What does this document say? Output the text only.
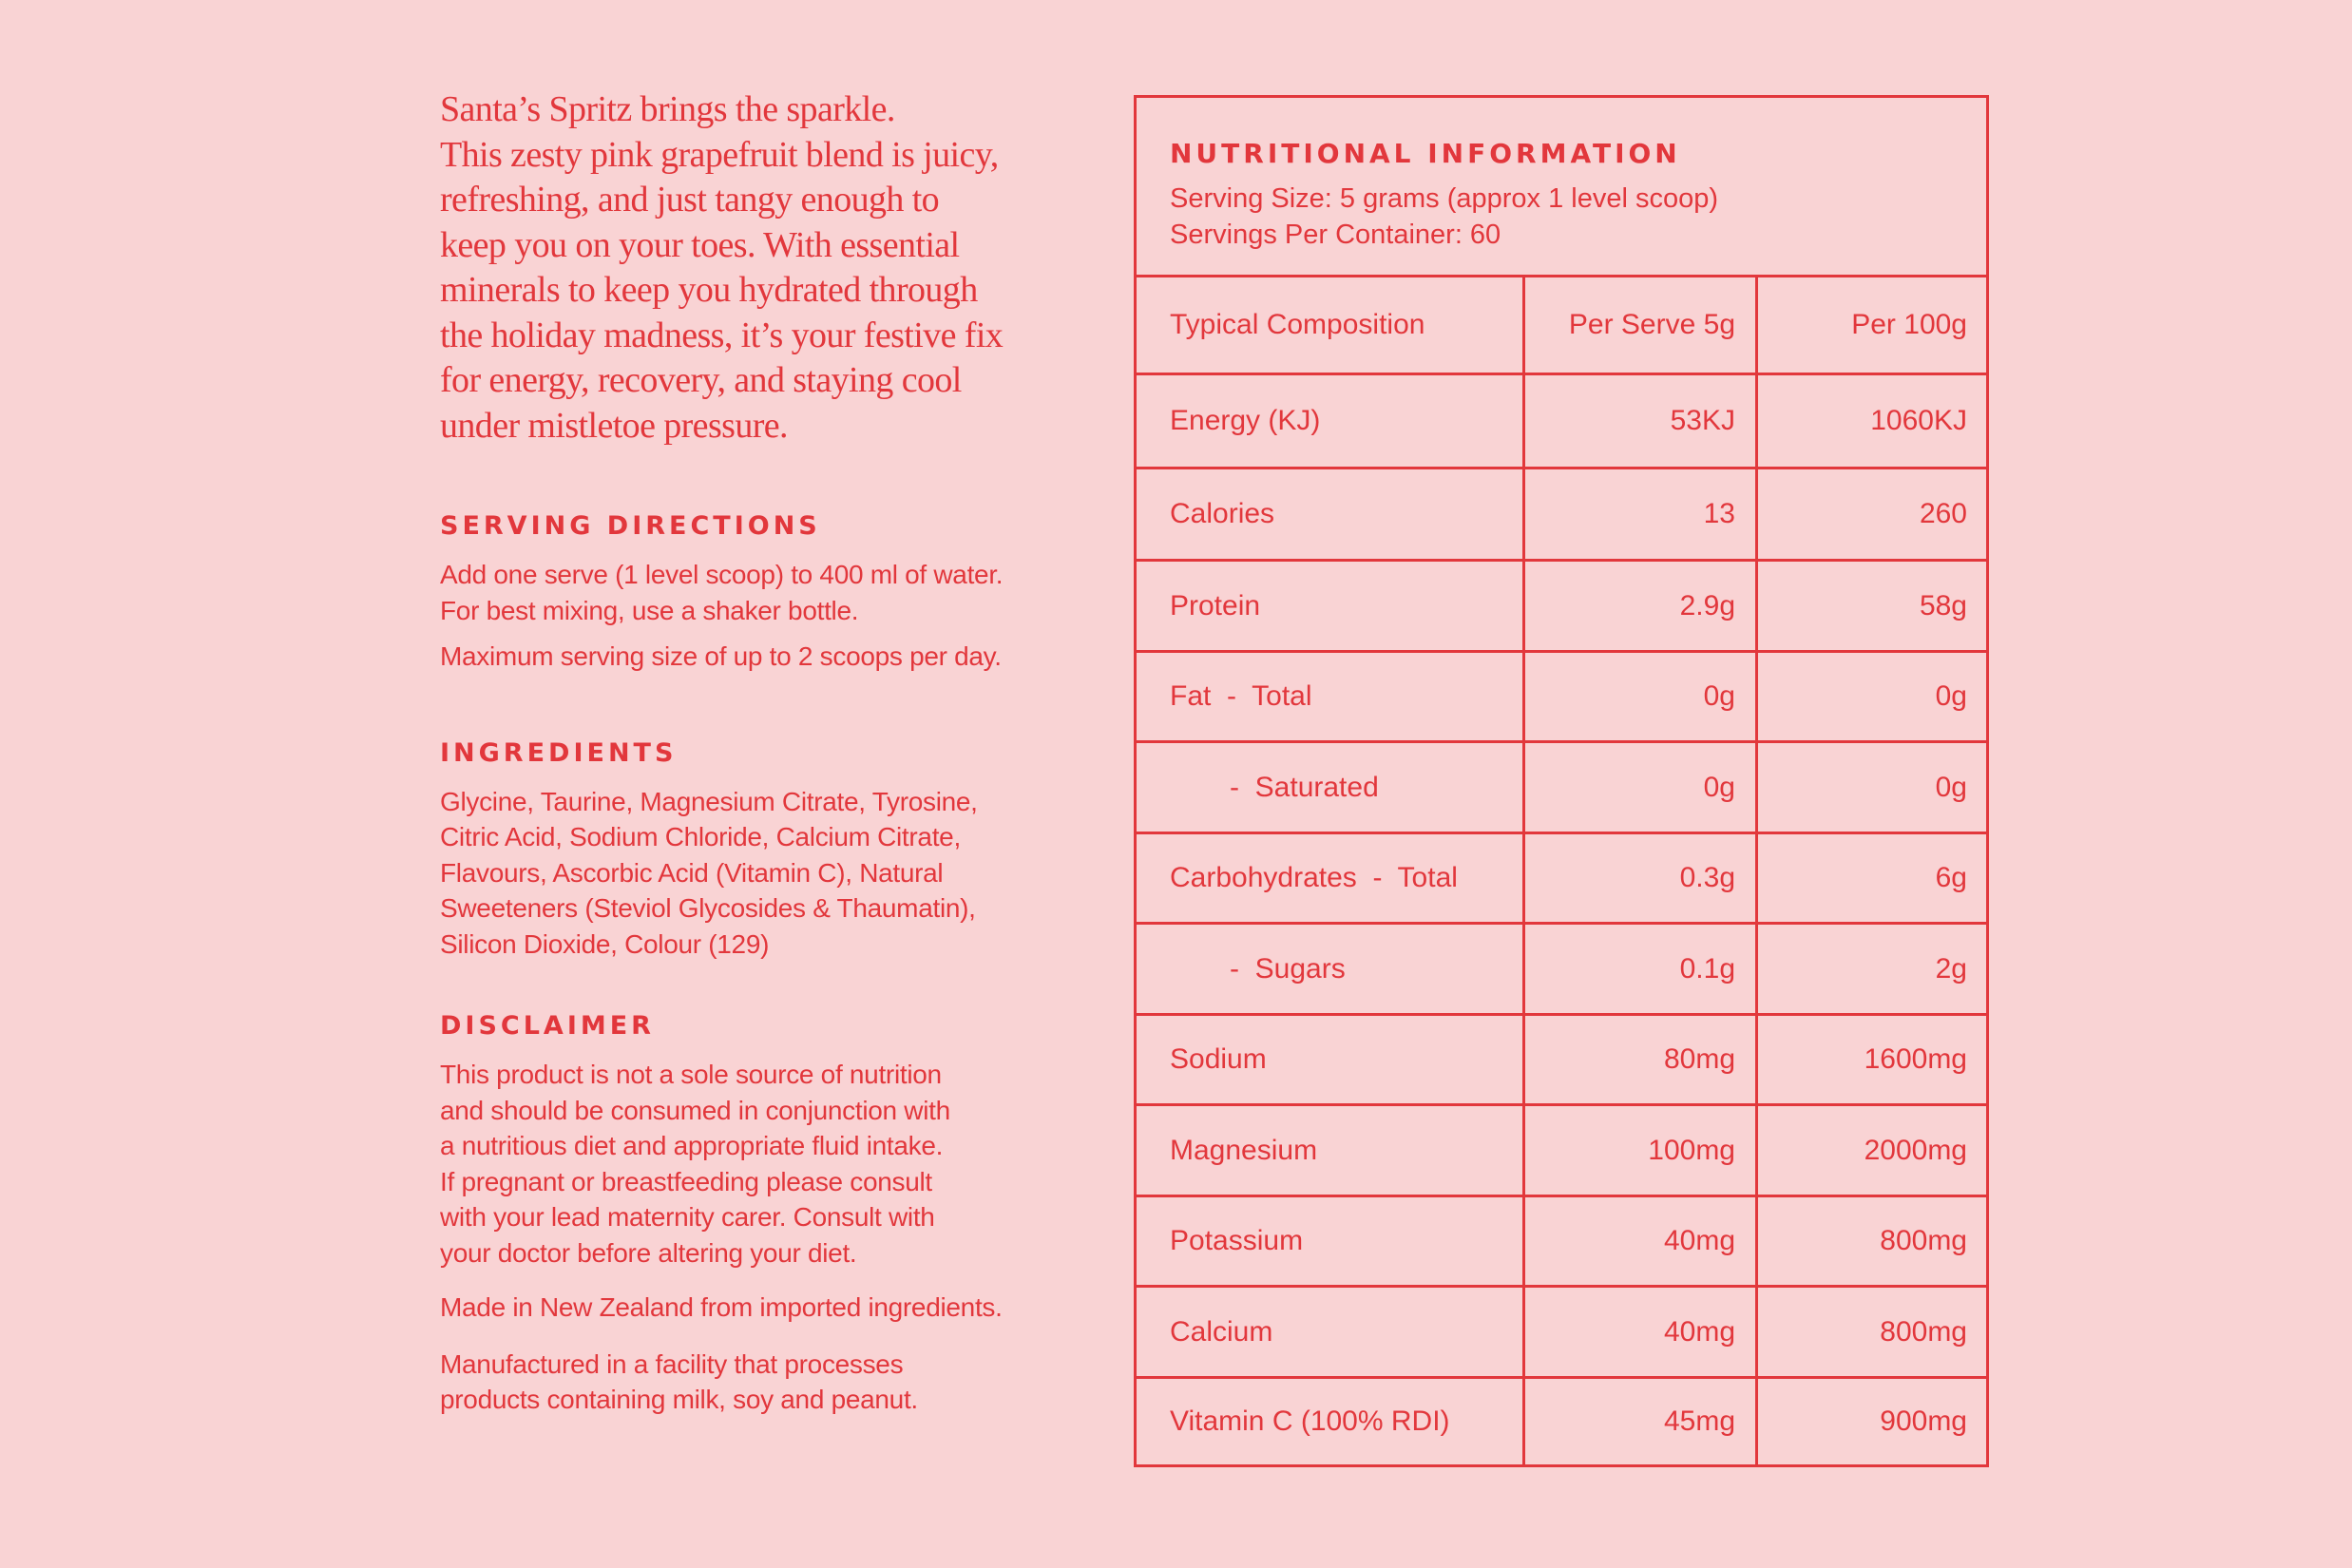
Santa’s Spritz brings the sparkle.
This zesty pink grapefruit blend is juicy,
refreshing, and just tangy enough to
keep you on your toes. With essential
minerals to keep you hydrated through
the holiday madness, it’s your festive fix
for energy, recovery, and staying cool
under mistletoe pressure.
SERVING DIRECTIONS
Add one serve (1 level scoop) to 400 ml of water.
For best mixing, use a shaker bottle.
Maximum serving size of up to 2 scoops per day.
INGREDIENTS
Glycine, Taurine, Magnesium Citrate, Tyrosine,
Citric Acid, Sodium Chloride, Calcium Citrate,
Flavours, Ascorbic Acid (Vitamin C), Natural
Sweeteners (Steviol Glycosides & Thaumatin),
Silicon Dioxide, Colour (129)
DISCLAIMER
This product is not a sole source of nutrition
and should be consumed in conjunction with
a nutritious diet and appropriate fluid intake.
If pregnant or breastfeeding please consult
with your lead maternity carer. Consult with
your doctor before altering your diet.
Made in New Zealand from imported ingredients.
Manufactured in a facility that processes
products containing milk, soy and peanut.
NUTRITIONAL INFORMATION
Serving Size: 5 grams (approx 1 level scoop)
Servings Per Container: 60
Typical Composition	Per Serve 5g	Per 100g
Energy (KJ)	53KJ	1060KJ
Calories	13	260
Protein	2.9g	58g
Fat  -  Total	0g	0g
-  Saturated	0g	0g
Carbohydrates  -  Total	0.3g	6g
-  Sugars	0.1g	2g
Sodium	80mg	1600mg
Magnesium	100mg	2000mg
Potassium	40mg	800mg
Calcium	40mg	800mg
Vitamin C (100% RDI)	45mg	900mg
